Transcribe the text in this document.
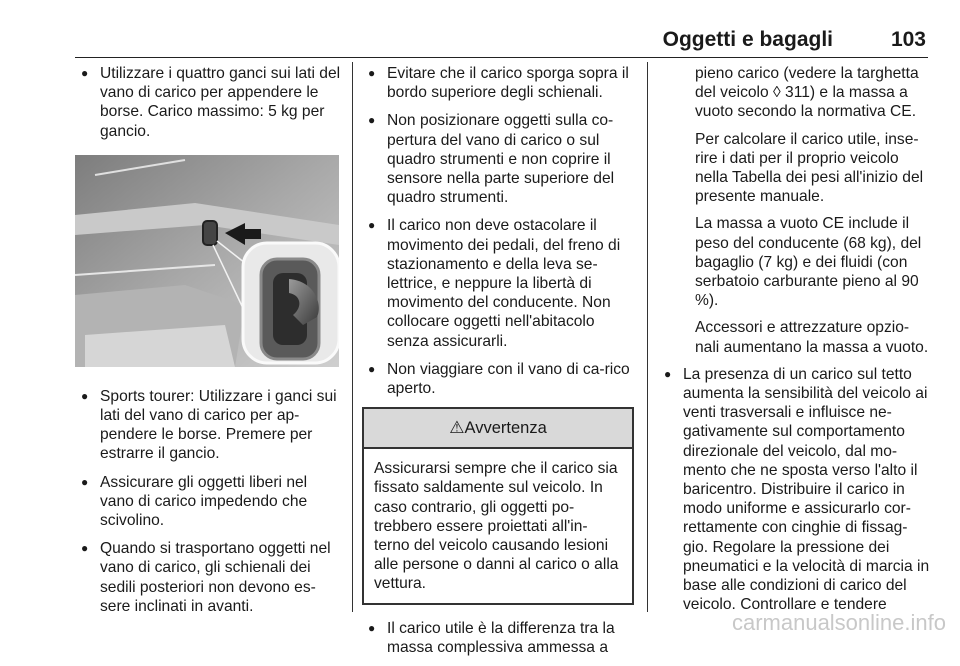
Oggetti e bagagli	103
● Utilizzare i quattro ganci sui lati del vano di carico per appendere le borse. Carico massimo: 5 kg per gancio.
● Sports tourer: Utilizzare i ganci sui lati del vano di carico per ap-pendere le borse. Premere per estrarre il gancio.
● Assicurare gli oggetti liberi nel vano di carico impedendo che scivolino.
● Quando si trasportano oggetti nel vano di carico, gli schienali dei sedili posteriori non devono es-sere inclinati in avanti.
● Evitare che il carico sporga sopra il bordo superiore degli schienali.
● Non posizionare oggetti sulla co-pertura del vano di carico o sul quadro strumenti e non coprire il sensore nella parte superiore del quadro strumenti.
● Il carico non deve ostacolare il movimento dei pedali, del freno di stazionamento e della leva se-lettrice, e neppure la libertà di movimento del conducente. Non collocare oggetti nell'abitacolo senza assicurarli.
● Non viaggiare con il vano di ca-rico aperto.
⚠Avvertenza
Assicurarsi sempre che il carico sia fissato saldamente sul veicolo. In caso contrario, gli oggetti po-trebbero essere proiettati all'in-terno del veicolo causando lesioni alle persone o danni al carico o alla vettura.
● Il carico utile è la differenza tra la massa complessiva ammessa a
pieno carico (vedere la targhetta del veicolo ◊ 311) e la massa a vuoto secondo la normativa CE.
Per calcolare il carico utile, inse-rire i dati per il proprio veicolo nella Tabella dei pesi all'inizio del presente manuale.
La massa a vuoto CE include il peso del conducente (68 kg), del bagaglio (7 kg) e dei fluidi (con serbatoio carburante pieno al 90 %).
Accessori e attrezzature opzio-nali aumentano la massa a vuoto.
● La presenza di un carico sul tetto aumenta la sensibilità del veicolo ai venti trasversali e influisce ne-gativamente sul comportamento direzionale del veicolo, dal mo-mento che ne sposta verso l'alto il baricentro. Distribuire il carico in modo uniforme e assicurarlo cor-rettamente con cinghie di fissag-gio. Regolare la pressione dei pneumatici e la velocità di marcia in base alle condizioni di carico del veicolo. Controllare e tendere
carmanualsonline.info
